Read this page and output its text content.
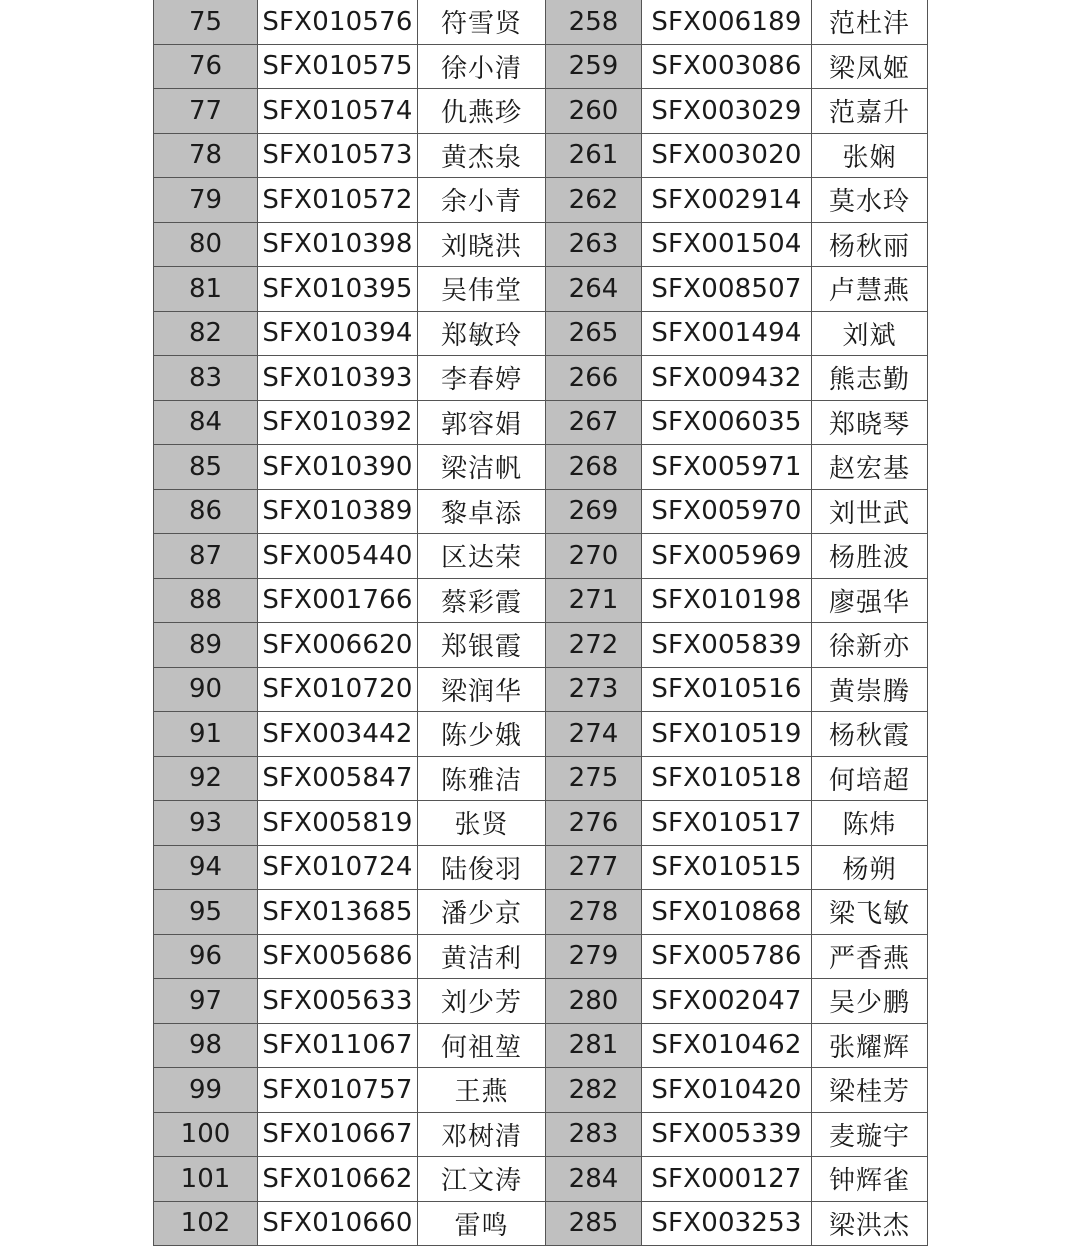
75	SFX010576	符雪贤	258	SFX006189	范杜沣
76	SFX010575	徐小清	259	SFX003086	梁凤姬
77	SFX010574	仇燕珍	260	SFX003029	范嘉升
78	SFX010573	黄杰泉	261	SFX003020	张娴
79	SFX010572	余小青	262	SFX002914	莫水玲
80	SFX010398	刘晓洪	263	SFX001504	杨秋丽
81	SFX010395	吴伟堂	264	SFX008507	卢慧燕
82	SFX010394	郑敏玲	265	SFX001494	刘斌
83	SFX010393	李春婷	266	SFX009432	熊志勤
84	SFX010392	郭容娟	267	SFX006035	郑晓琴
85	SFX010390	梁洁帆	268	SFX005971	赵宏基
86	SFX010389	黎卓添	269	SFX005970	刘世武
87	SFX005440	区达荣	270	SFX005969	杨胜波
88	SFX001766	蔡彩霞	271	SFX010198	廖强华
89	SFX006620	郑银霞	272	SFX005839	徐新亦
90	SFX010720	梁润华	273	SFX010516	黄崇腾
91	SFX003442	陈少娥	274	SFX010519	杨秋霞
92	SFX005847	陈雅洁	275	SFX010518	何培超
93	SFX005819	张贤	276	SFX010517	陈炜
94	SFX010724	陆俊羽	277	SFX010515	杨朔
95	SFX013685	潘少京	278	SFX010868	梁飞敏
96	SFX005686	黄洁利	279	SFX005786	严香燕
97	SFX005633	刘少芳	280	SFX002047	吴少鹏
98	SFX011067	何祖堃	281	SFX010462	张耀辉
99	SFX010757	王燕	282	SFX010420	梁桂芳
100	SFX010667	邓树清	283	SFX005339	麦璇宇
101	SFX010662	江文涛	284	SFX000127	钟辉雀
102	SFX010660	雷鸣	285	SFX003253	梁洪杰
